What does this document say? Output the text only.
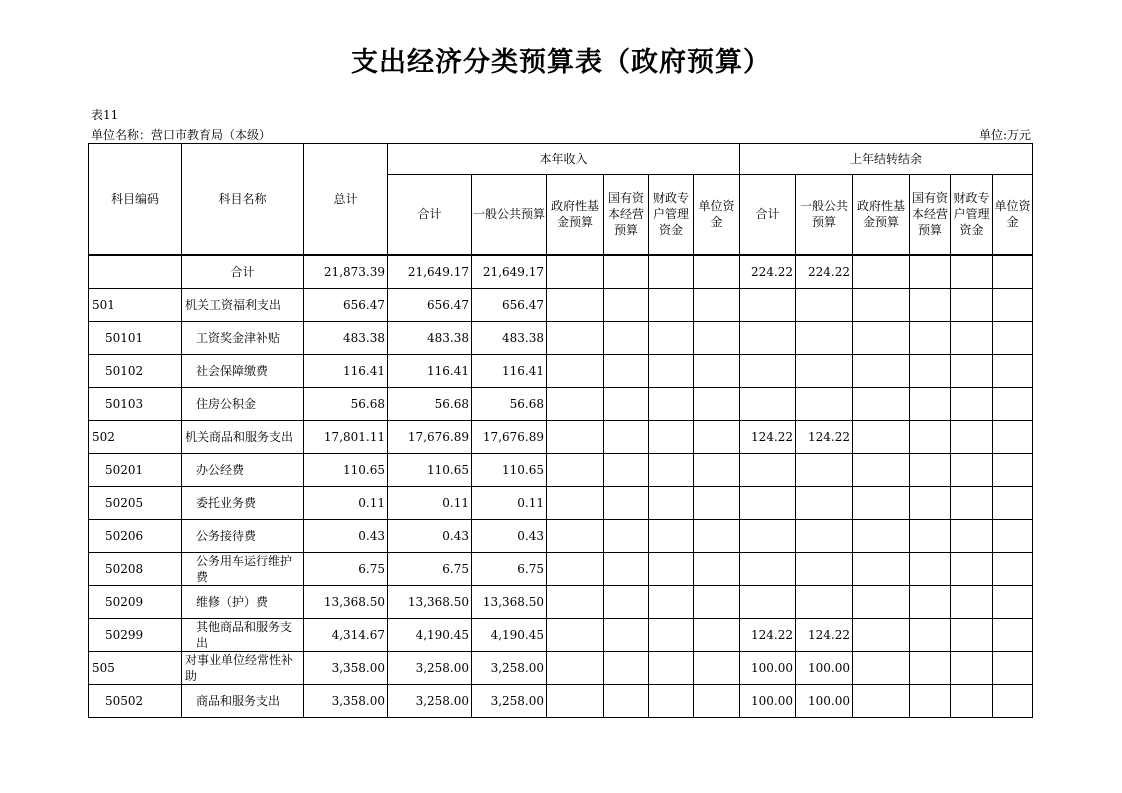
支出经济分类预算表（政府预算）
表11
单位名称：营口市教育局（本级）	单位:万元
科目编码	科目名称	总计	本年收入						上年结转结余					
			合计	一般公共预算	政府性基金预算	国有资本经营预算	财政专户管理资金	单位资金	合计	一般公共预算	政府性基金预算	国有资本经营预算	财政专户管理资金	单位资金
	合计	21,873.39	21,649.17	21,649.17					224.22	224.22				
501	机关工资福利支出	656.47	656.47	656.47										
50101	工资奖金津补贴	483.38	483.38	483.38										
50102	社会保障缴费	116.41	116.41	116.41										
50103	住房公积金	56.68	56.68	56.68										
502	机关商品和服务支出	17,801.11	17,676.89	17,676.89					124.22	124.22				
50201	办公经费	110.65	110.65	110.65										
50205	委托业务费	0.11	0.11	0.11										
50206	公务接待费	0.43	0.43	0.43										
50208	公务用车运行维护费	6.75	6.75	6.75										
50209	维修（护）费	13,368.50	13,368.50	13,368.50										
50299	其他商品和服务支出	4,314.67	4,190.45	4,190.45					124.22	124.22				
505	对事业单位经常性补助	3,358.00	3,258.00	3,258.00					100.00	100.00				
50502	商品和服务支出	3,358.00	3,258.00	3,258.00					100.00	100.00				
